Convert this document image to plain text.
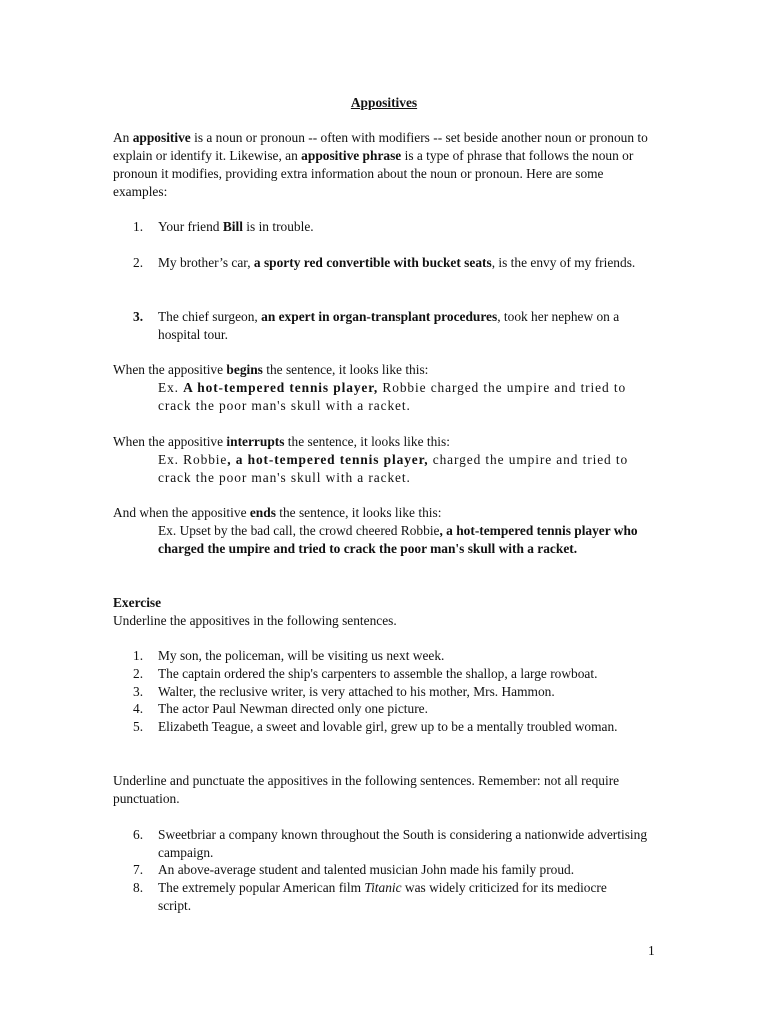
Appositives
An appositive is a noun or pronoun -- often with modifiers -- set beside another noun or pronoun to explain or identify it. Likewise, an appositive phrase is a type of phrase that follows the noun or pronoun it modifies, providing extra information about the noun or pronoun. Here are some examples:
1.	Your friend Bill is in trouble.
2.	My brother’s car, a sporty red convertible with bucket seats, is the envy of my friends.
3.	The chief surgeon, an expert in organ-transplant procedures, took her nephew on a hospital tour.
When the appositive begins the sentence, it looks like this:
Ex. A hot-tempered tennis player, Robbie charged the umpire and tried to crack the poor man's skull with a racket.
When the appositive interrupts the sentence, it looks like this:
Ex. Robbie, a hot-tempered tennis player, charged the umpire and tried to crack the poor man's skull with a racket.
And when the appositive ends the sentence, it looks like this:
Ex. Upset by the bad call, the crowd cheered Robbie, a hot-tempered tennis player who charged the umpire and tried to crack the poor man's skull with a racket.
Exercise
Underline the appositives in the following sentences.
1.	My son, the policeman, will be visiting us next week.
2.	The captain ordered the ship's carpenters to assemble the shallop, a large rowboat.
3.	Walter, the reclusive writer, is very attached to his mother, Mrs. Hammon.
4.	The actor Paul Newman directed only one picture.
5.	Elizabeth Teague, a sweet and lovable girl, grew up to be a mentally troubled woman.
Underline and punctuate the appositives in the following sentences. Remember: not all require punctuation.
6.	Sweetbriar a company known throughout the South is considering a nationwide advertising campaign.
7.	An above-average student and talented musician John made his family proud.
8.	The extremely popular American film Titanic was widely criticized for its mediocre script.
1
